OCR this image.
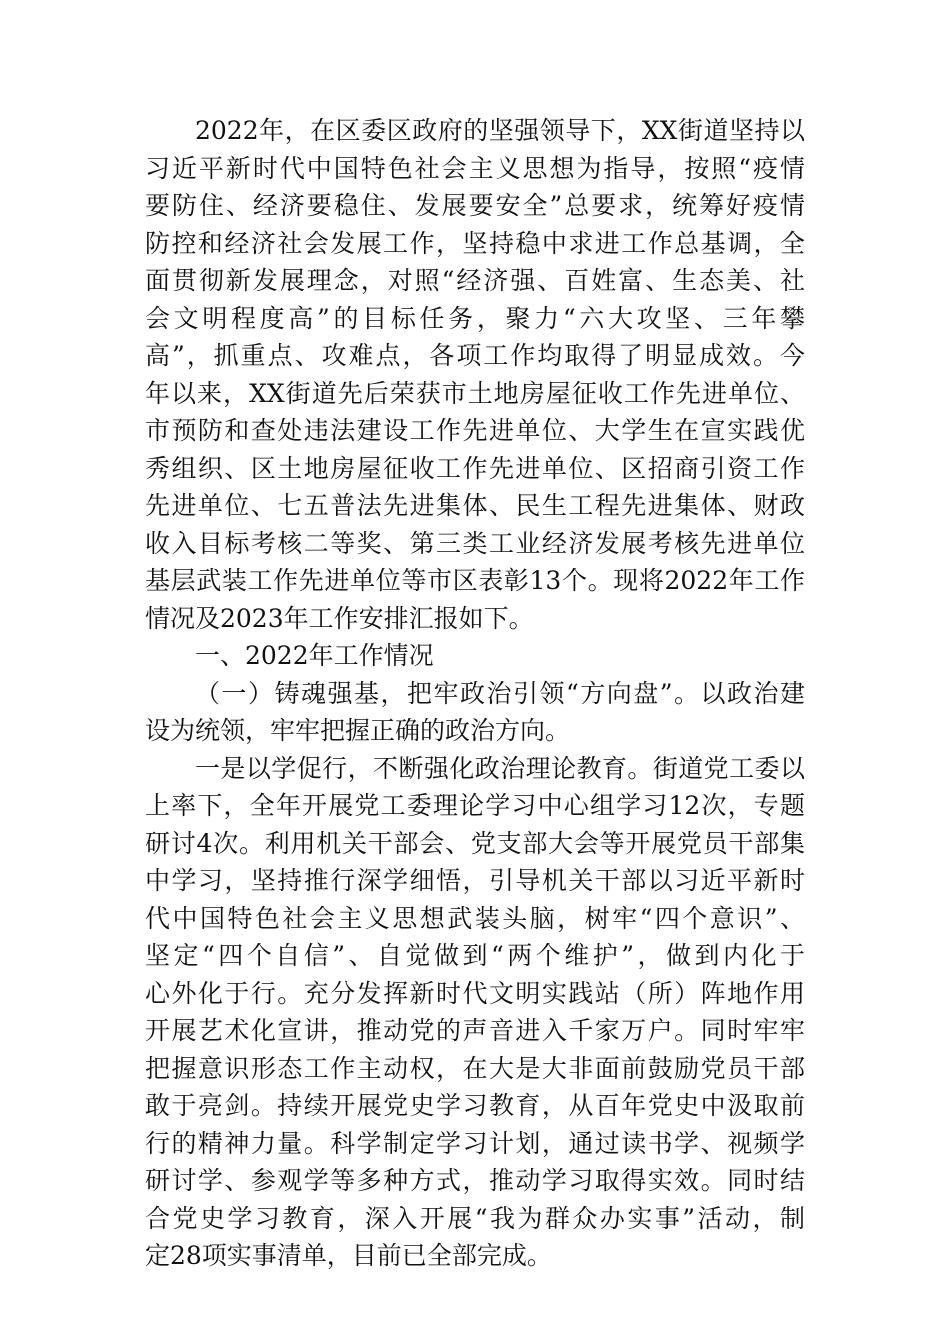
2022年，在区委区政府的坚强领导下，XX街道坚持以
习近平新时代中国特色社会主义思想为指导，按照“疫情
要防住、经济要稳住、发展要安全”总要求，统筹好疫情
防控和经济社会发展工作，坚持稳中求进工作总基调，全
面贯彻新发展理念，对照“经济强、百姓富、生态美、社
会文明程度高”的目标任务，聚力“六大攻坚、三年攀
高”，抓重点、攻难点，各项工作均取得了明显成效。今
年以来，XX街道先后荣获市土地房屋征收工作先进单位、
市预防和查处违法建设工作先进单位、大学生在宣实践优
秀组织、区土地房屋征收工作先进单位、区招商引资工作
先进单位、七五普法先进集体、民生工程先进集体、财政
收入目标考核二等奖、第三类工业经济发展考核先进单位
基层武装工作先进单位等市区表彰13个。现将2022年工作
情况及2023年工作安排汇报如下。
一、2022年工作情况
（一）铸魂强基，把牢政治引领“方向盘”。以政治建
设为统领，牢牢把握正确的政治方向。
一是以学促行，不断强化政治理论教育。街道党工委以
上率下，全年开展党工委理论学习中心组学习12次，专题
研讨4次。利用机关干部会、党支部大会等开展党员干部集
中学习，坚持推行深学细悟，引导机关干部以习近平新时
代中国特色社会主义思想武装头脑，树牢“四个意识”、
坚定“四个自信”、自觉做到“两个维护”，做到内化于
心外化于行。充分发挥新时代文明实践站（所）阵地作用
开展艺术化宣讲，推动党的声音进入千家万户。同时牢牢
把握意识形态工作主动权，在大是大非面前鼓励党员干部
敢于亮剑。持续开展党史学习教育，从百年党史中汲取前
行的精神力量。科学制定学习计划，通过读书学、视频学
研讨学、参观学等多种方式，推动学习取得实效。同时结
合党史学习教育，深入开展“我为群众办实事”活动，制
定28项实事清单，目前已全部完成。
